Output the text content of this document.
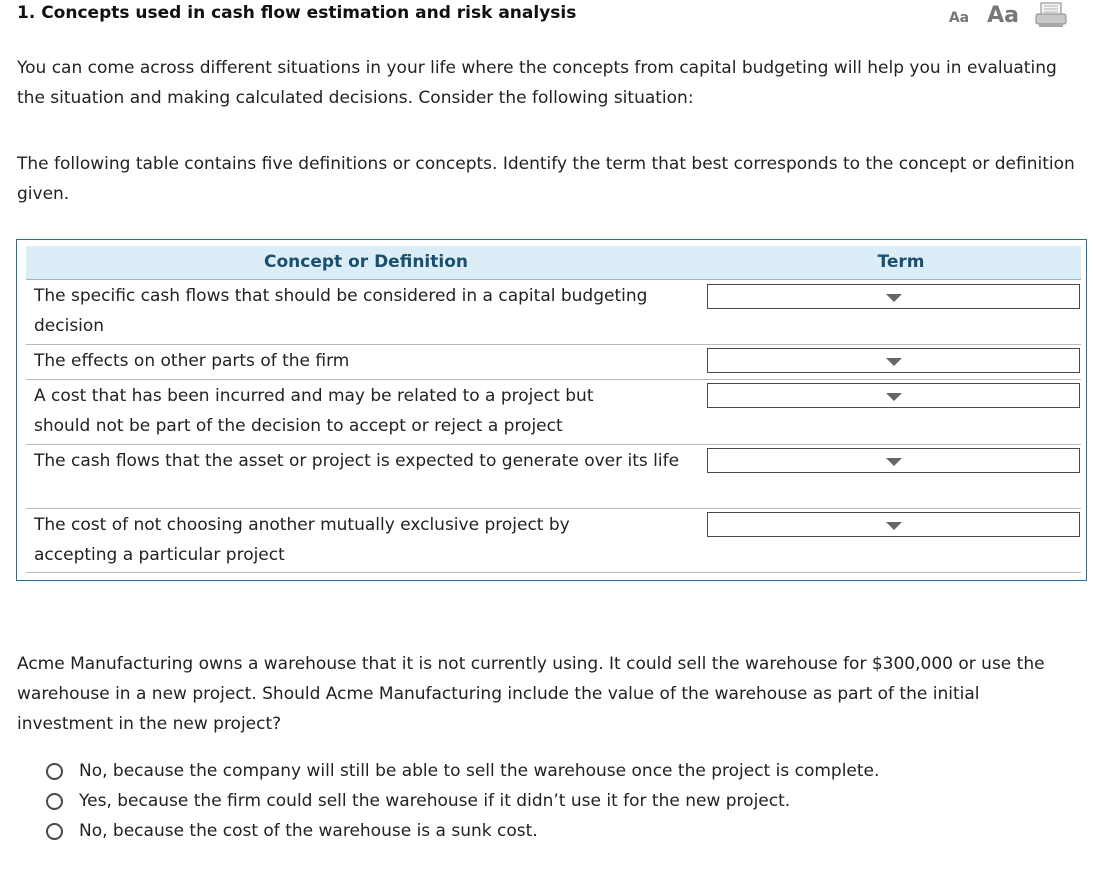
1. Concepts used in cash flow estimation and risk analysis	Aa Aa

You can come across different situations in your life where the concepts from capital budgeting will help you in evaluating the situation and making calculated decisions. Consider the following situation:

The following table contains five definitions or concepts. Identify the term that best corresponds to the concept or definition given.

Concept or Definition	Term
The specific cash flows that should be considered in a capital budgeting decision
The effects on other parts of the firm
A cost that has been incurred and may be related to a project but should not be part of the decision to accept or reject a project
The cash flows that the asset or project is expected to generate over its life
The cost of not choosing another mutually exclusive project by accepting a particular project

Acme Manufacturing owns a warehouse that it is not currently using. It could sell the warehouse for $300,000 or use the warehouse in a new project. Should Acme Manufacturing include the value of the warehouse as part of the initial investment in the new project?

No, because the company will still be able to sell the warehouse once the project is complete.
Yes, because the firm could sell the warehouse if it didn’t use it for the new project.
No, because the cost of the warehouse is a sunk cost.
